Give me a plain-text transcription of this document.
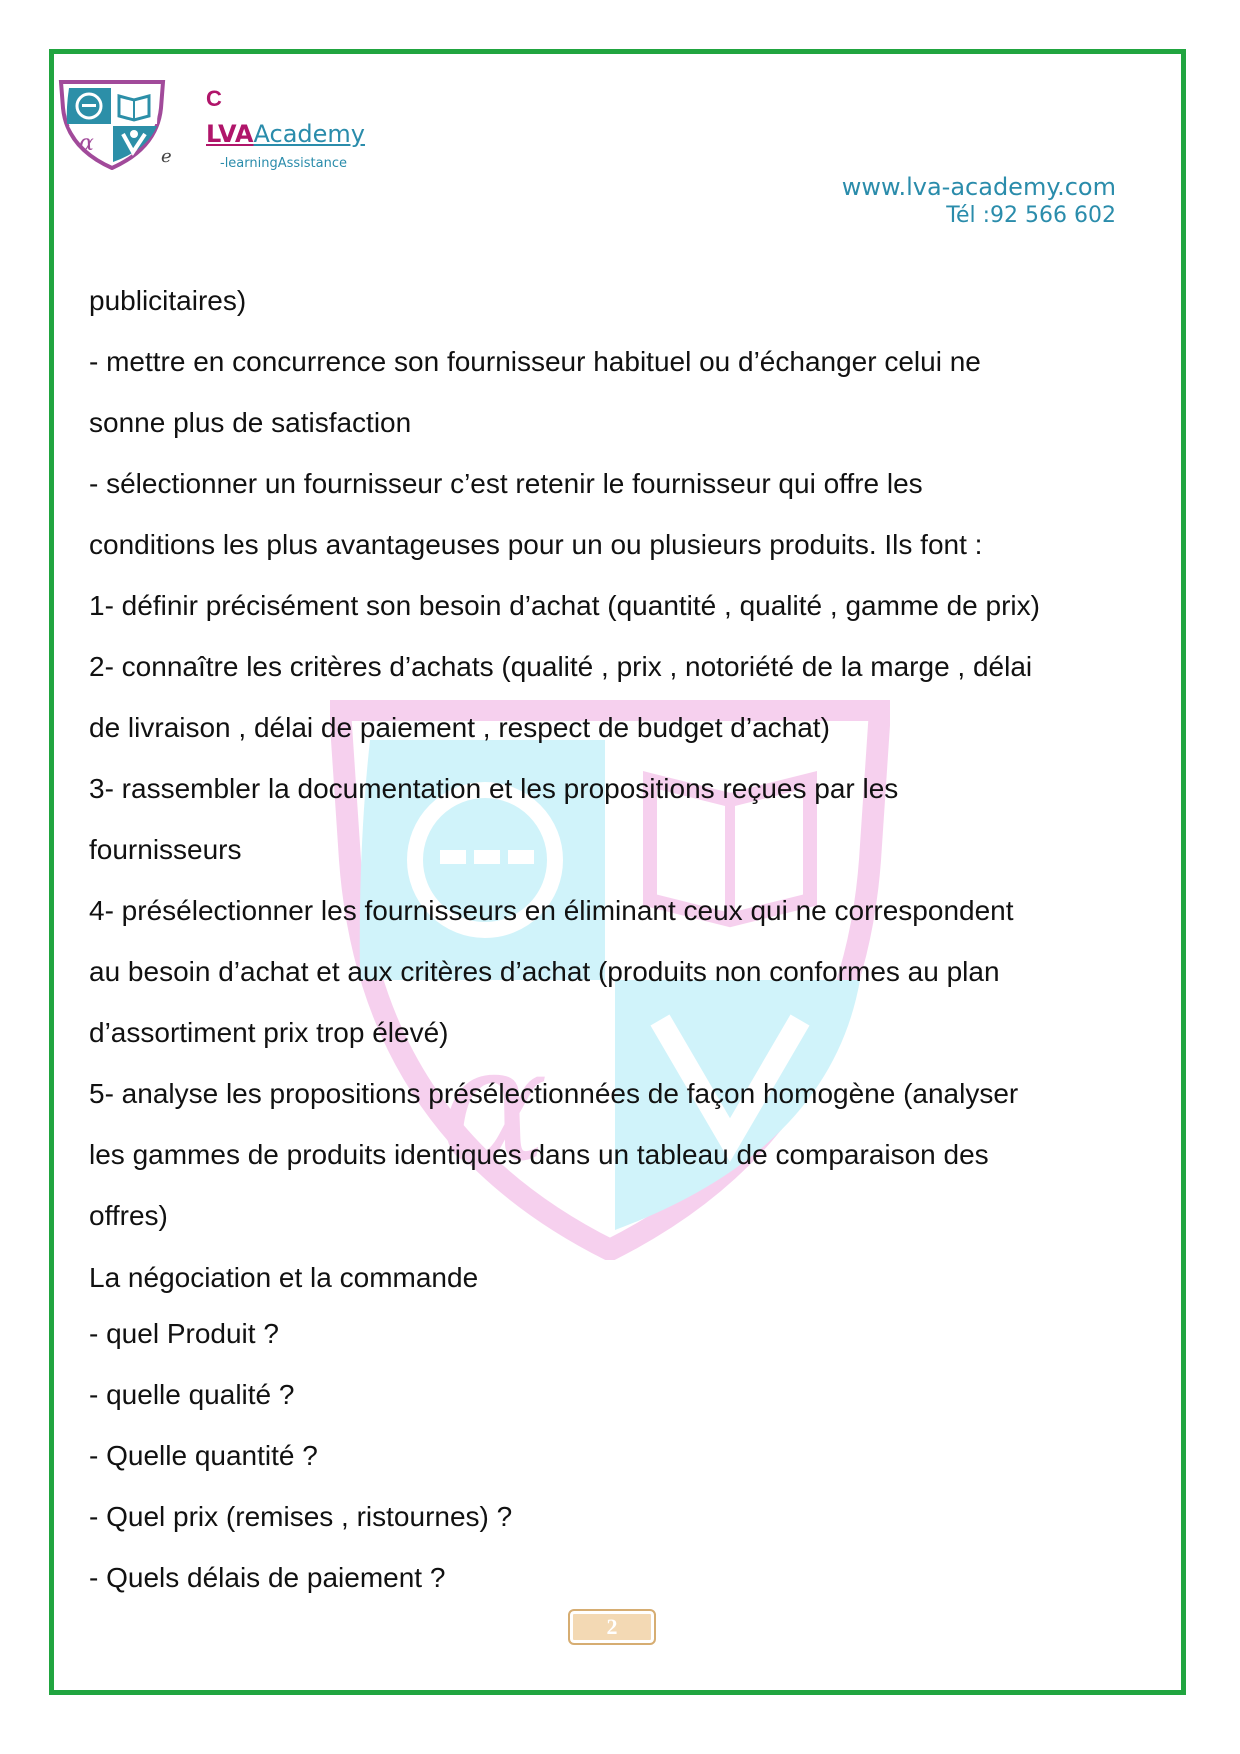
α
e
C
LVAAcademy
-learningAssistance
www.lva-academy.com
Tél :92 566 602
α
publicitaires)
- mettre en concurrence son fournisseur habituel ou d’échanger celui ne
sonne plus de satisfaction
- sélectionner un fournisseur c’est retenir le fournisseur qui offre les
conditions les plus avantageuses pour un ou plusieurs produits. Ils font :
1- définir précisément son besoin d’achat (quantité , qualité , gamme de prix)
2- connaître les critères d’achats (qualité , prix , notoriété de la marge , délai
de livraison , délai de paiement , respect de budget d’achat)
3- rassembler la documentation et les propositions reçues par les
fournisseurs
4- présélectionner les fournisseurs en éliminant ceux qui ne correspondent
au besoin d’achat et aux critères d’achat (produits non conformes au plan
d’assortiment prix trop élevé)
5- analyse les propositions présélectionnées de façon homogène (analyser
les gammes de produits identiques dans un tableau de comparaison des
offres)
La négociation et la commande
- quel Produit ?
- quelle qualité ?
- Quelle quantité ?
- Quel prix (remises , ristournes) ?
- Quels délais de paiement ?
2
